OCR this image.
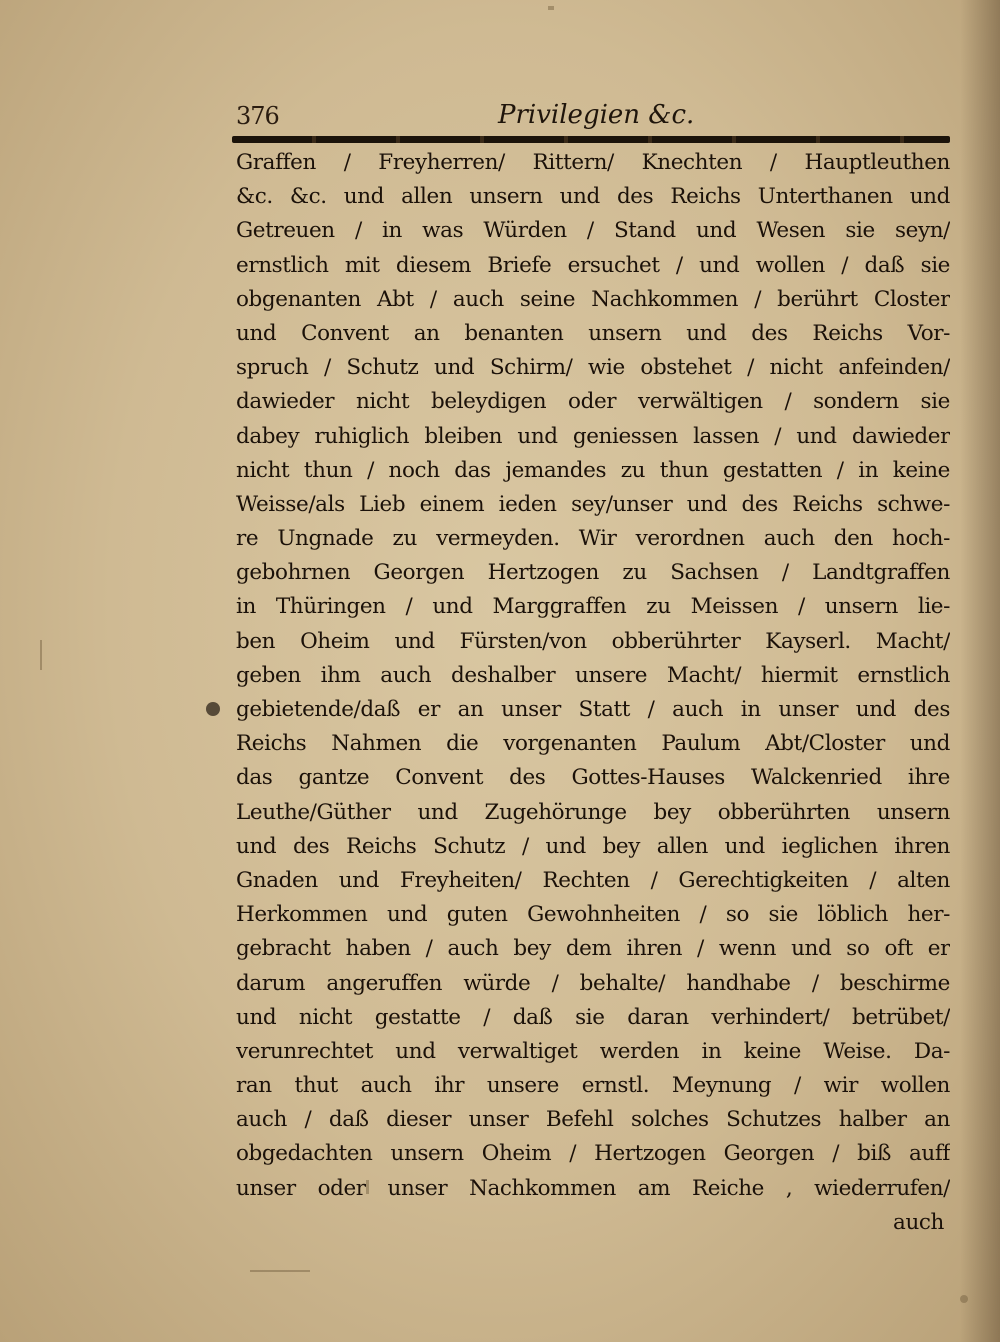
376	Privilegien &c.
Graffen / Freyherren/ Rittern/ Knechten / Hauptleuthen
&c. &c. und allen unsern und des Reichs Unterthanen und
Getreuen / in was Würden / Stand und Wesen sie seyn/
ernstlich mit diesem Briefe ersuchet / und wollen / daß sie
obgenanten Abt / auch seine Nachkommen / berührt Closter
und Convent an benanten unsern und des Reichs Vor-
spruch / Schutz und Schirm/ wie obstehet / nicht anfeinden/
dawieder nicht beleydigen oder verwältigen / sondern sie
dabey ruhiglich bleiben und geniessen lassen / und dawieder
nicht thun / noch das jemandes zu thun gestatten / in keine
Weisse/als Lieb einem ieden sey/unser und des Reichs schwe-
re Ungnade zu vermeyden. Wir verordnen auch den hoch-
gebohrnen Georgen Hertzogen zu Sachsen / Landtgraffen
in Thüringen / und Marggraffen zu Meissen / unsern lie-
ben Oheim und Fürsten/von obberührter Kayserl. Macht/
geben ihm auch deshalber unsere Macht/ hiermit ernstlich
gebietende/daß er an unser Statt / auch in unser und des
Reichs Nahmen die vorgenanten Paulum Abt/Closter und
das gantze Convent des Gottes-Hauses Walckenried ihre
Leuthe/Güther und Zugehörunge bey obberührten unsern
und des Reichs Schutz / und bey allen und ieglichen ihren
Gnaden und Freyheiten/ Rechten / Gerechtigkeiten / alten
Herkommen und guten Gewohnheiten / so sie löblich her-
gebracht haben / auch bey dem ihren / wenn und so oft er
darum angeruffen würde / behalte/ handhabe / beschirme
und nicht gestatte / daß sie daran verhindert/ betrübet/
verunrechtet und verwaltiget werden in keine Weise. Da-
ran thut auch ihr unsere ernstl. Meynung / wir wollen
auch / daß dieser unser Befehl solches Schutzes halber an
obgedachten unsern Oheim / Hertzogen Georgen / biß auff
unser oder unser Nachkommen am Reiche , wiederrufen/
auch
